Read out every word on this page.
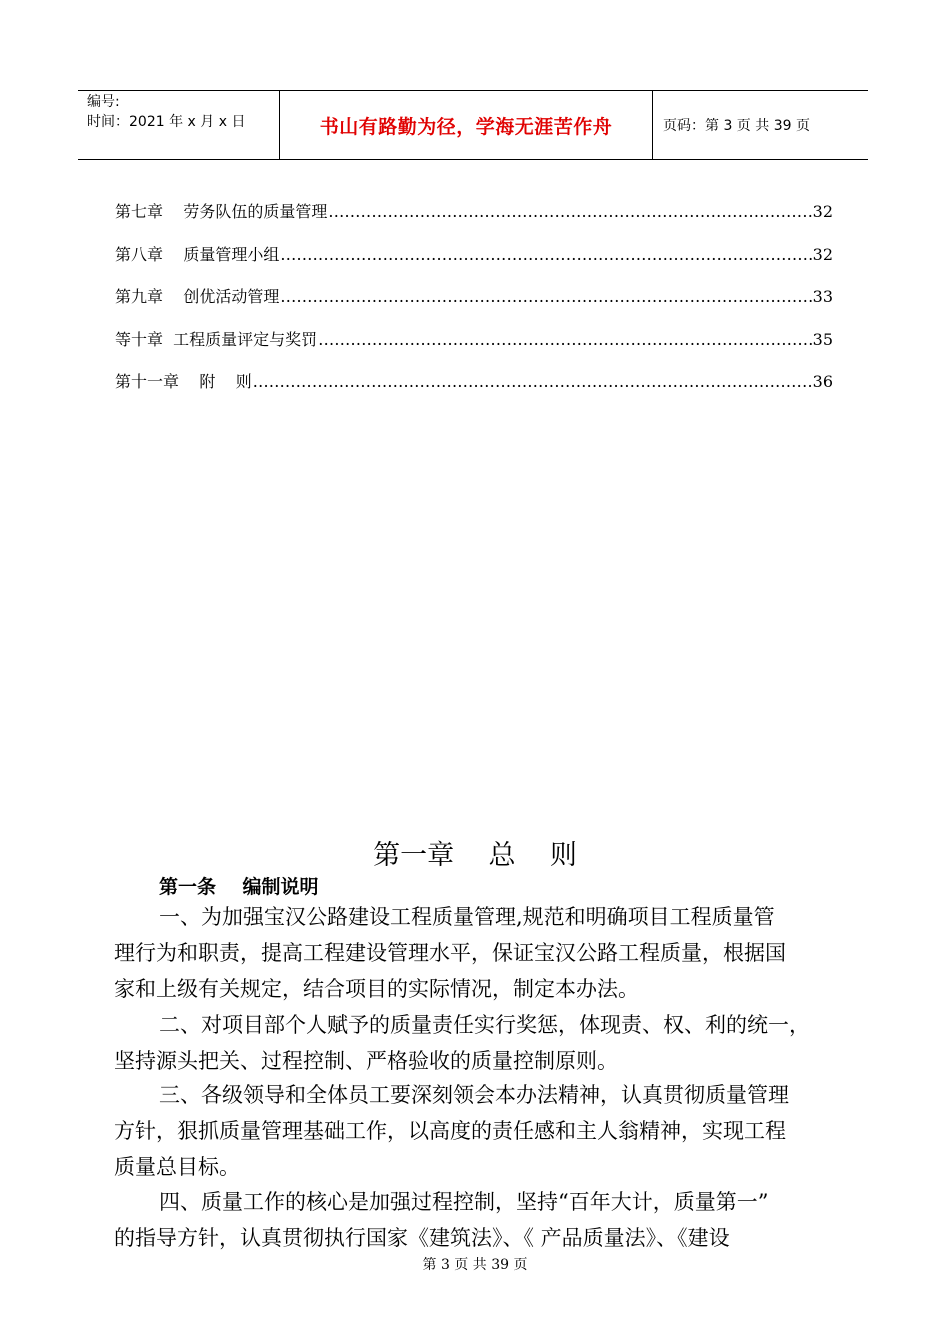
编号:
时间：2021 年 x 月 x 日	书山有路勤为径，学海无涯苦作舟	页码：第 3 页 共 39 页
第七章    劳务队伍的质量管理 .....	32
第八章    质量管理小组 .....	32
第九章    创优活动管理 .....	33
等十章  工程质量评定与奖罚 .....	35
第十一章    附    则 .....	36
第一章    总    则
第一条    编制说明
一、为加强宝汉公路建设工程质量管理,规范和明确项目工程质量管
理行为和职责，提高工程建设管理水平，保证宝汉公路工程质量，根据国
家和上级有关规定，结合项目的实际情况，制定本办法。
二、对项目部个人赋予的质量责任实行奖惩，体现责、权、利的统一，
坚持源头把关、过程控制、严格验收的质量控制原则。
三、各级领导和全体员工要深刻领会本办法精神，认真贯彻质量管理
方针，狠抓质量管理基础工作，以高度的责任感和主人翁精神，实现工程
质量总目标。
四、质量工作的核心是加强过程控制，坚持“百年大计，质量第一”
的指导方针，认真贯彻执行国家《建筑法》、《 产品质量法》、《建设
第 3 页 共 39 页
